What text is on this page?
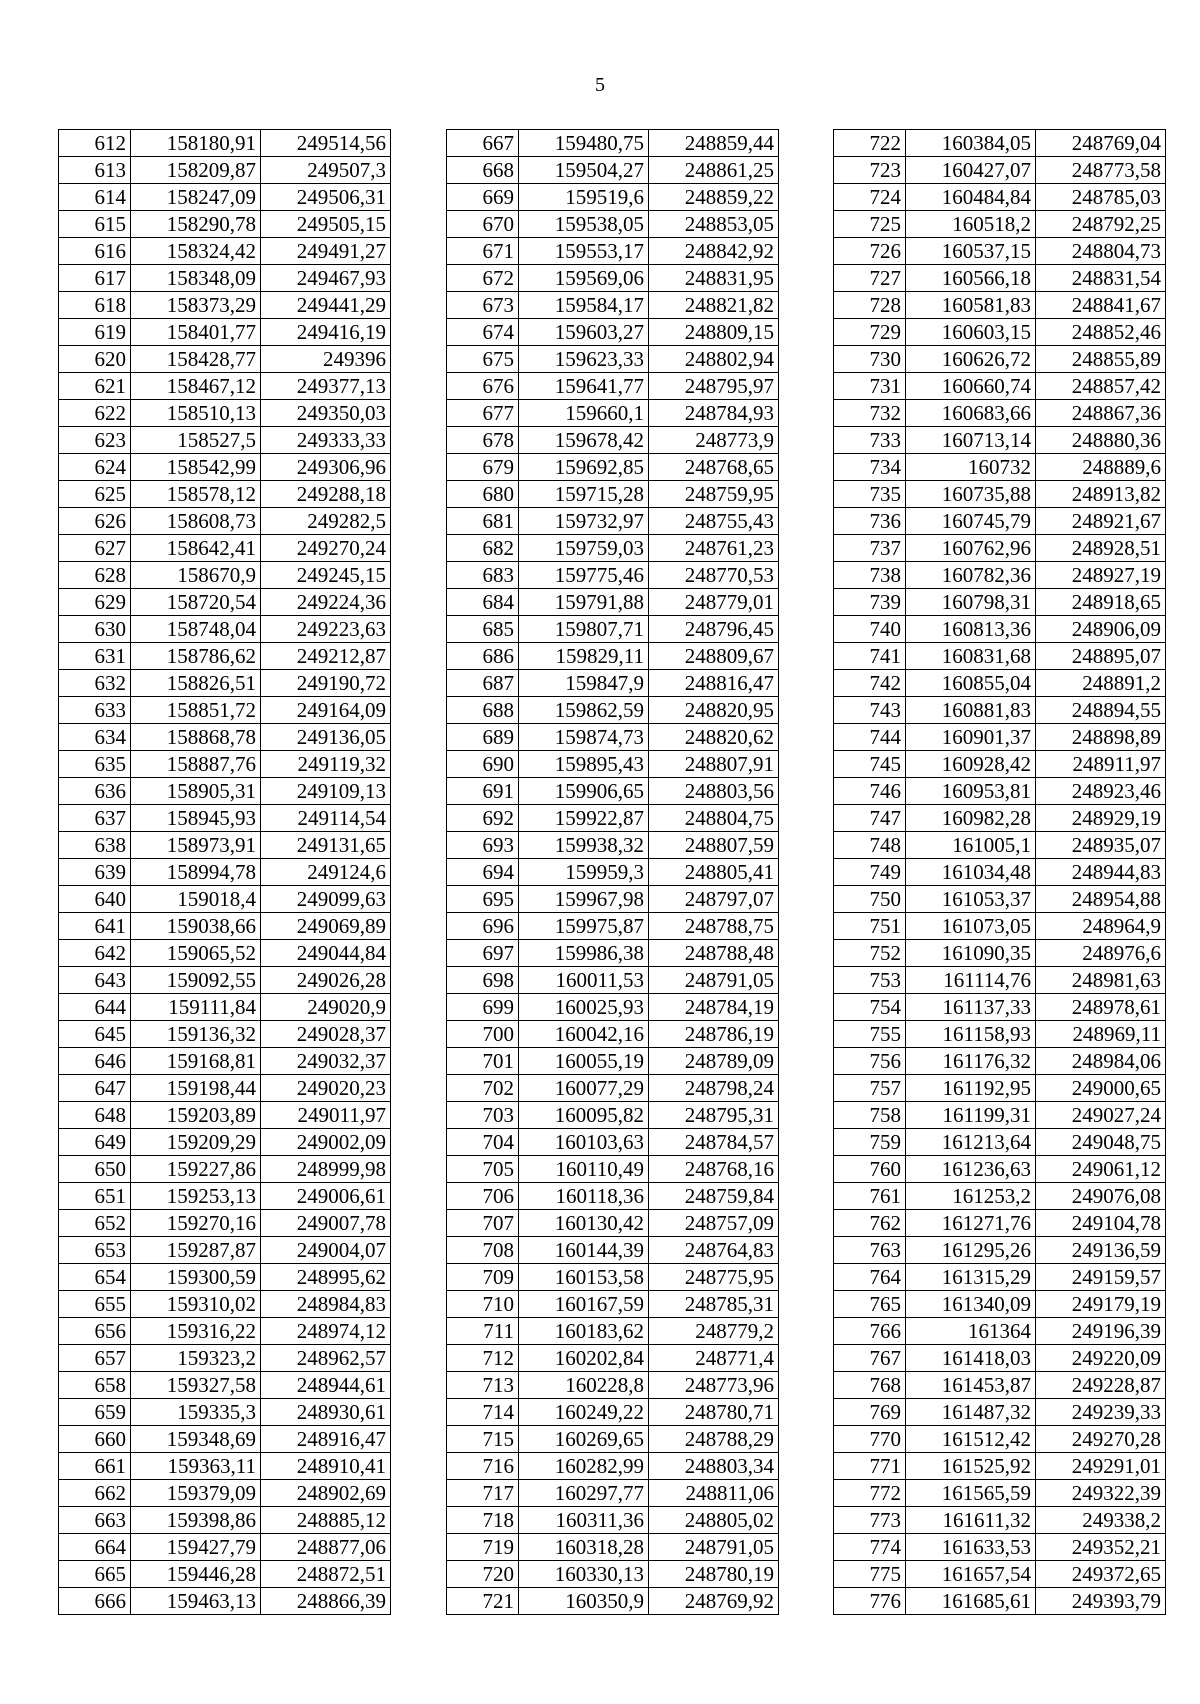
5
612	158180,91	249514,56
613	158209,87	249507,3
614	158247,09	249506,31
615	158290,78	249505,15
616	158324,42	249491,27
617	158348,09	249467,93
618	158373,29	249441,29
619	158401,77	249416,19
620	158428,77	249396
621	158467,12	249377,13
622	158510,13	249350,03
623	158527,5	249333,33
624	158542,99	249306,96
625	158578,12	249288,18
626	158608,73	249282,5
627	158642,41	249270,24
628	158670,9	249245,15
629	158720,54	249224,36
630	158748,04	249223,63
631	158786,62	249212,87
632	158826,51	249190,72
633	158851,72	249164,09
634	158868,78	249136,05
635	158887,76	249119,32
636	158905,31	249109,13
637	158945,93	249114,54
638	158973,91	249131,65
639	158994,78	249124,6
640	159018,4	249099,63
641	159038,66	249069,89
642	159065,52	249044,84
643	159092,55	249026,28
644	159111,84	249020,9
645	159136,32	249028,37
646	159168,81	249032,37
647	159198,44	249020,23
648	159203,89	249011,97
649	159209,29	249002,09
650	159227,86	248999,98
651	159253,13	249006,61
652	159270,16	249007,78
653	159287,87	249004,07
654	159300,59	248995,62
655	159310,02	248984,83
656	159316,22	248974,12
657	159323,2	248962,57
658	159327,58	248944,61
659	159335,3	248930,61
660	159348,69	248916,47
661	159363,11	248910,41
662	159379,09	248902,69
663	159398,86	248885,12
664	159427,79	248877,06
665	159446,28	248872,51
666	159463,13	248866,39
667	159480,75	248859,44
668	159504,27	248861,25
669	159519,6	248859,22
670	159538,05	248853,05
671	159553,17	248842,92
672	159569,06	248831,95
673	159584,17	248821,82
674	159603,27	248809,15
675	159623,33	248802,94
676	159641,77	248795,97
677	159660,1	248784,93
678	159678,42	248773,9
679	159692,85	248768,65
680	159715,28	248759,95
681	159732,97	248755,43
682	159759,03	248761,23
683	159775,46	248770,53
684	159791,88	248779,01
685	159807,71	248796,45
686	159829,11	248809,67
687	159847,9	248816,47
688	159862,59	248820,95
689	159874,73	248820,62
690	159895,43	248807,91
691	159906,65	248803,56
692	159922,87	248804,75
693	159938,32	248807,59
694	159959,3	248805,41
695	159967,98	248797,07
696	159975,87	248788,75
697	159986,38	248788,48
698	160011,53	248791,05
699	160025,93	248784,19
700	160042,16	248786,19
701	160055,19	248789,09
702	160077,29	248798,24
703	160095,82	248795,31
704	160103,63	248784,57
705	160110,49	248768,16
706	160118,36	248759,84
707	160130,42	248757,09
708	160144,39	248764,83
709	160153,58	248775,95
710	160167,59	248785,31
711	160183,62	248779,2
712	160202,84	248771,4
713	160228,8	248773,96
714	160249,22	248780,71
715	160269,65	248788,29
716	160282,99	248803,34
717	160297,77	248811,06
718	160311,36	248805,02
719	160318,28	248791,05
720	160330,13	248780,19
721	160350,9	248769,92
722	160384,05	248769,04
723	160427,07	248773,58
724	160484,84	248785,03
725	160518,2	248792,25
726	160537,15	248804,73
727	160566,18	248831,54
728	160581,83	248841,67
729	160603,15	248852,46
730	160626,72	248855,89
731	160660,74	248857,42
732	160683,66	248867,36
733	160713,14	248880,36
734	160732	248889,6
735	160735,88	248913,82
736	160745,79	248921,67
737	160762,96	248928,51
738	160782,36	248927,19
739	160798,31	248918,65
740	160813,36	248906,09
741	160831,68	248895,07
742	160855,04	248891,2
743	160881,83	248894,55
744	160901,37	248898,89
745	160928,42	248911,97
746	160953,81	248923,46
747	160982,28	248929,19
748	161005,1	248935,07
749	161034,48	248944,83
750	161053,37	248954,88
751	161073,05	248964,9
752	161090,35	248976,6
753	161114,76	248981,63
754	161137,33	248978,61
755	161158,93	248969,11
756	161176,32	248984,06
757	161192,95	249000,65
758	161199,31	249027,24
759	161213,64	249048,75
760	161236,63	249061,12
761	161253,2	249076,08
762	161271,76	249104,78
763	161295,26	249136,59
764	161315,29	249159,57
765	161340,09	249179,19
766	161364	249196,39
767	161418,03	249220,09
768	161453,87	249228,87
769	161487,32	249239,33
770	161512,42	249270,28
771	161525,92	249291,01
772	161565,59	249322,39
773	161611,32	249338,2
774	161633,53	249352,21
775	161657,54	249372,65
776	161685,61	249393,79
